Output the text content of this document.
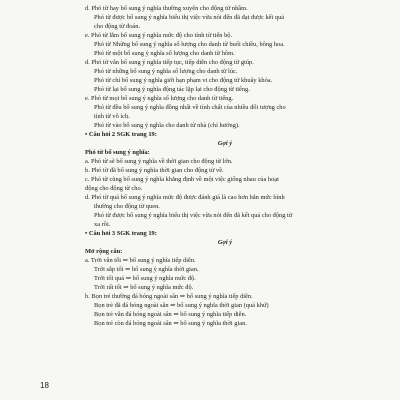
d. Phó từ hay bổ sung ý nghĩa thường xuyên cho động từ nhầm.
Phó từ được bổ sung ý nghĩa biểu thị việc vừa nói đến đã đạt được kết quả
cho động từ đoán.
e. Phó từ lắm bổ sung ý nghĩa mức độ cho tính từ tiến bộ.
Phó từ Những bổ sung ý nghĩa số lượng cho danh từ buổi chiều, bông hoa.
Phó từ một bổ sung ý nghĩa số lượng cho danh từ hôm.
d. Phó từ vẫn bổ sung ý nghĩa tiếp tục, tiếp diễn cho động từ giúp.
Phó từ những bổ sung ý nghĩa số lượng cho danh từ lúc.
Phó từ chỉ bổ sung ý nghĩa giới hạn phạm vi cho động từ khuây khỏa.
Phó từ lại bổ sung ý nghĩa động tác lặp lại cho động từ tiếng.
e. Phó từ mọi bổ sung ý nghĩa số lượng cho danh từ tiếng.
Phó từ đều bổ sung ý nghĩa đồng nhất về tính chất của nhiều đối tượng cho
tính từ vô ích.
Phó từ vào bổ sung ý nghĩa cho danh từ nhà (chỉ hướng).
• Câu hỏi 2 SGK trang 19:
Gợi ý
Phó từ bổ sung ý nghĩa:
a. Phó từ sẽ bổ sung ý nghĩa về thời gian cho động từ lớn.
b. Phó từ đã bổ sung ý nghĩa thời gian cho động từ về.
c. Phó từ cũng bổ sung ý nghĩa khẳng định về một việc giống nhau của hoạt
động cho động từ cho.
d. Phó từ quá bổ sung ý nghĩa mức độ được đánh giá là cao hơn hẳn mức bình
thường cho động từ quen.
Phó từ được bổ sung ý nghĩa biểu thị việc vừa nói đến đã kết quả cho động từ
xa rồi.
• Câu hỏi 3 SGK trang 19:
Gợi ý
Mở rộng câu:
a. Trời vẫn tối ⇒ bổ sung ý nghĩa tiếp diễn.
Trời sắp tối ⇒ bổ sung ý nghĩa thời gian.
Trời tối quá ⇒ bổ sung ý nghĩa mức độ.
Trời rất tối ⇒ bổ sung ý nghĩa mức độ.
b. Bọn trẻ thường đá bóng ngoài sân ⇒ bổ sung ý nghĩa tiếp diễn.
Bọn trẻ đã đá bóng ngoài sân ⇒ bổ sung ý nghĩa thời gian (quá khứ)
Bọn trẻ vẫn đá bóng ngoài sân ⇒ bổ sung ý nghĩa tiếp diễn.
Bọn trẻ còn đá bóng ngoài sân ⇒ bổ sung ý nghĩa thời gian.
18
